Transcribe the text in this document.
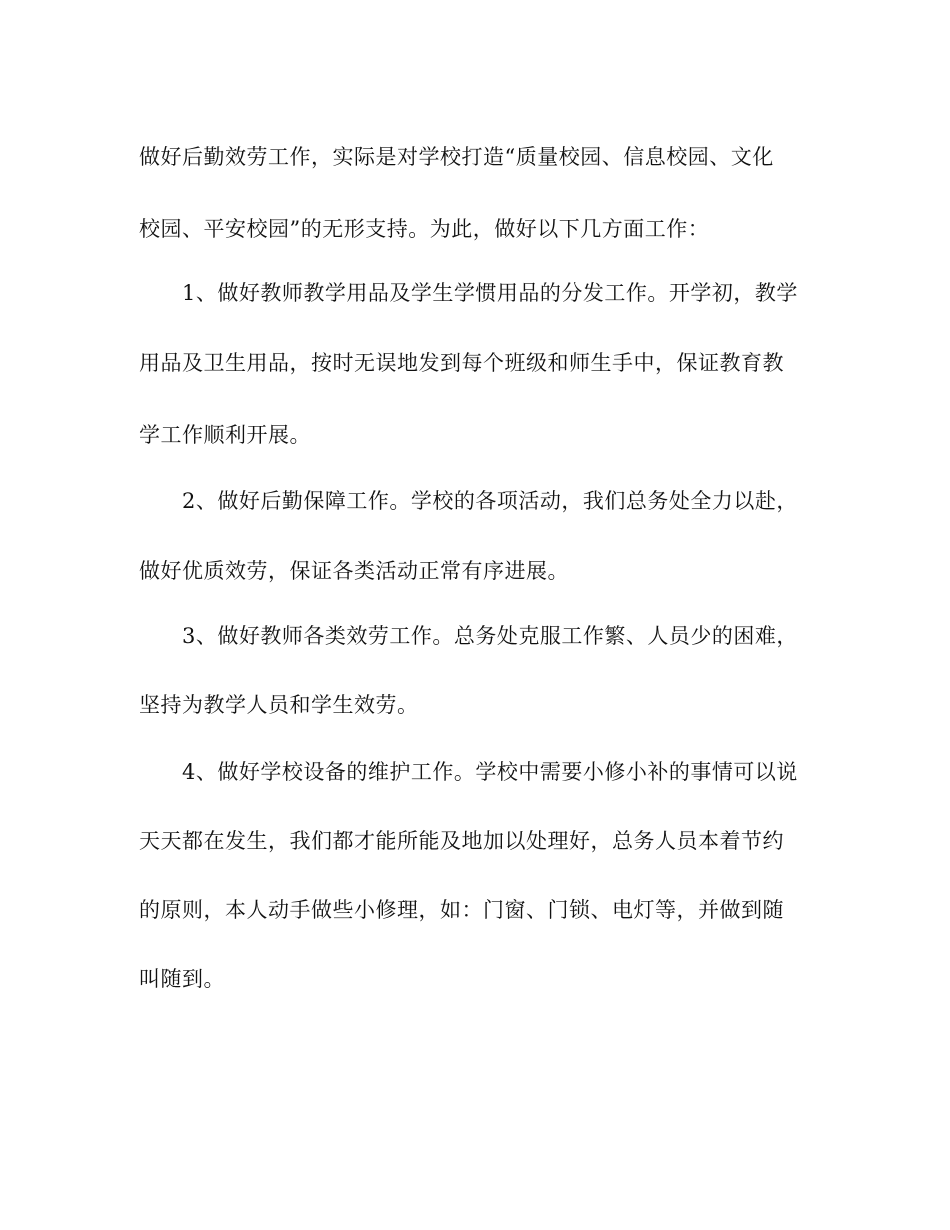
做好后勤效劳工作，实际是对学校打造“质量校园、信息校园、文化
校园、平安校园”的无形支持。为此，做好以下几方面工作：
1、做好教师教学用品及学生学惯用品的分发工作。开学初，教学
用品及卫生用品，按时无误地发到每个班级和师生手中，保证教育教
学工作顺利开展。
2、做好后勤保障工作。学校的各项活动，我们总务处全力以赴，
做好优质效劳，保证各类活动正常有序进展。
3、做好教师各类效劳工作。总务处克服工作繁、人员少的困难，
坚持为教学人员和学生效劳。
4、做好学校设备的维护工作。学校中需要小修小补的事情可以说
天天都在发生，我们都才能所能及地加以处理好，总务人员本着节约
的原则，本人动手做些小修理，如：门窗、门锁、电灯等，并做到随
叫随到。
